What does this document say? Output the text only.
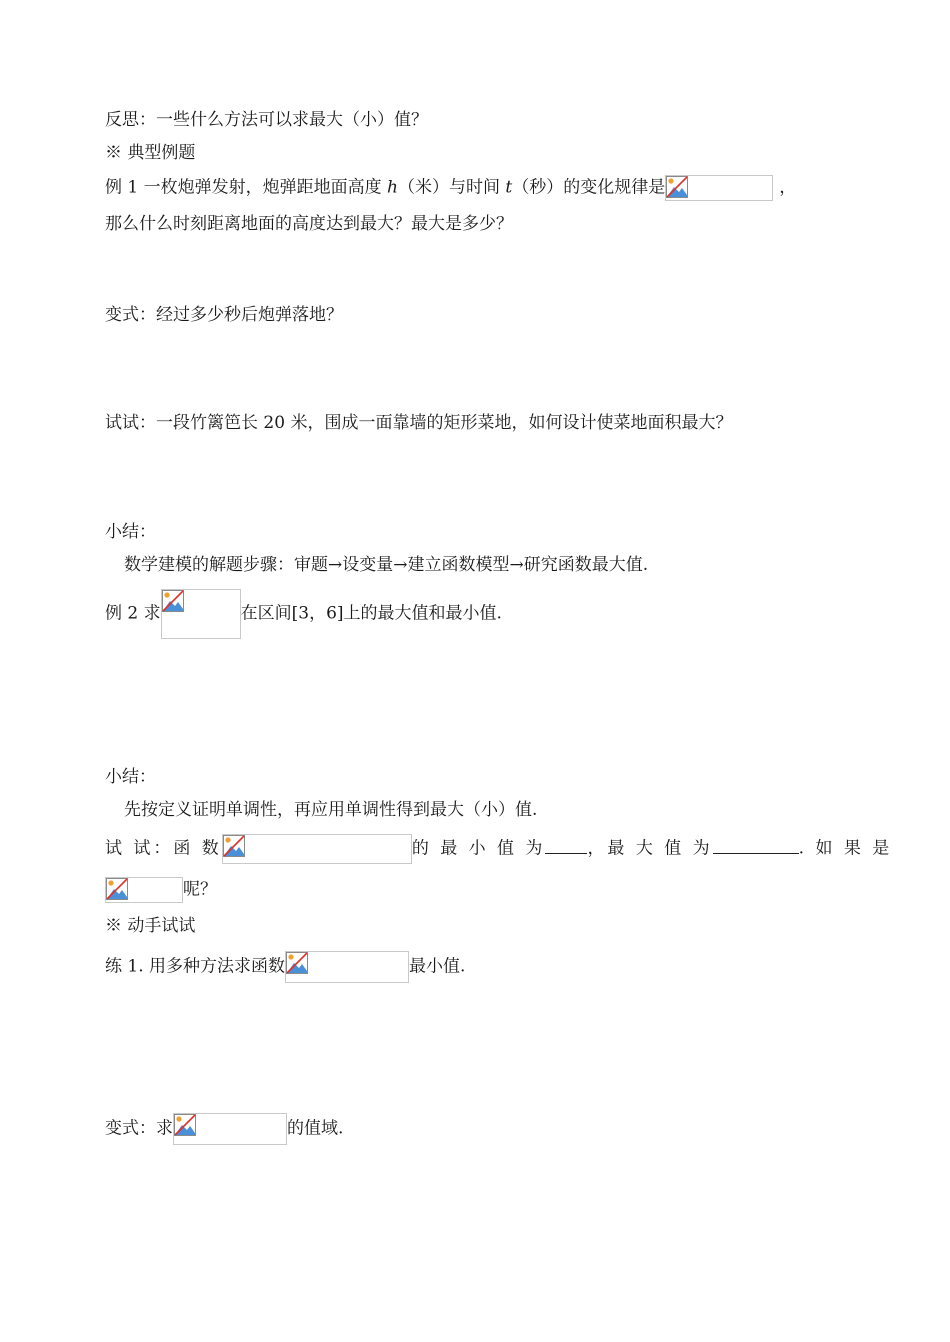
反思：一些什么方法可以求最大（小）值？
※ 典型例题
例 1 一枚炮弹发射，炮弹距地面高度 h（米）与时间 t（秒）的变化规律是	，
那么什么时刻距离地面的高度达到最大？最大是多少？
变式：经过多少秒后炮弹落地？
试试：一段竹篱笆长 20 米，围成一面靠墙的矩形菜地，如何设计使菜地面积最大？
小结：
数学建模的解题步骤：审题→设变量→建立函数模型→研究函数最大值.
例 2 求	在区间[3，6]上的最大值和最小值.
小结：
先按定义证明单调性，再应用单调性得到最大（小）值.
试 试：函 数	的 最 小 值 为 ，最 大 值 为	. 如 果 是
呢？
※ 动手试试
练 1. 用多种方法求函数	最小值.
变式：求	的值域.
